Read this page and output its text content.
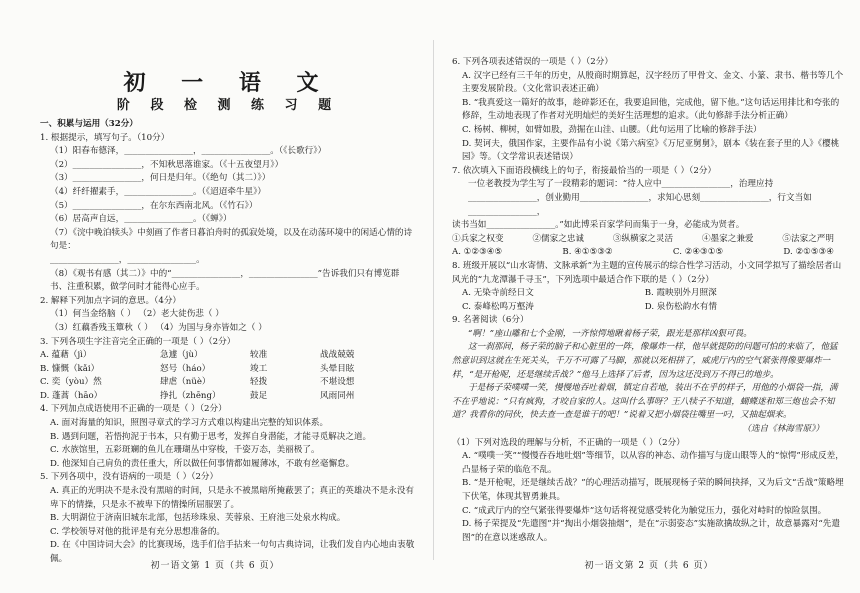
初 一 语 文
阶 段 检 测 练 习 题
一、积累与运用（32分）
1. 根据提示，填写句子。（10分）
（1）阳春布德泽，________________，________________。（《长歌行》）
（2）________________，不知秋思落谁家。（《十五夜望月》）
（3）________________，何日是归年。（《绝句（其二）》）
（4）纤纤擢素手，________________。（《迢迢牵牛星》）
（5）________________，在尔东西南北风。（《竹石》）
（6）居高声自远，________________。（《蝉》）
（7）《浣中晚泊犊头》中刻画了作者日暮泊舟时的孤寂处境，以及在动荡环境中的闲适心情的诗句是：
________________，________________。
（8）《观书有感（其二）》中的“________________，________________”告诉我们只有博览群书、注重积累，做学问时才能得心应手。
2. 解释下列加点字词的意思。（4分）
（1）何当金络脑（ ） （2）老大徒伤悲（ ）
（3）红藕香残玉簟秋（ ） （4）为国与身亦皆如之（ ）
3. 下列各项生字注音完全正确的一项是（ ）（2分）
A. 蕴藉（jì）	急遽（jù）	较准	战战兢兢
B. 慷慨（kǎi）	怒号（háo）	竣工	头晕目眩
C. 奕（yòu）然	肆虐（nüè）	轻拨	不堪设想
D. 蓬蒿（hāo）	挣扎（zhēng）	鼓足	风雨同州
4. 下列加点成语使用不正确的一项是（ ）（2分）
A. 面对海量的知识，照图寻章式的学习方式难以构建出完整的知识体系。
B. 遇到问题，若悟拘泥于书本，只有勤于思考，发挥自身潜能，才能寻觅解决之道。
C. 水族馆里，五彩斑斓的鱼儿在珊瑚丛中穿梭，千姿万态，美丽极了。
D. 他深知自己肩负的责任重大，所以做任何事情都如履薄冰，不敢有丝毫懈怠。
5. 下列各项中，没有语病的一项是（ ）（2分）
A. 真正的光明决不是永没有黑暗的时间，只是永不被黑暗所掩蔽罢了；真正的英雄决不是永没有卑下的情操，只是永不被卑下的情操所屈服罢了。
B. 大明湖位于济南旧城东北部，包括珍珠泉、芙蓉泉、王府池三处泉水构成。
C. 学校领导对他的批评是有充分思想准备的。
D. 在《中国诗词大会》的比赛现场，选手们信手拈来一句句古典诗词，让我们发自内心地由衷敬佩。
初一语文第 1 页（共 6 页）
6. 下列各项表述错误的一项是（ ）（2分）
A. 汉字已经有三千年的历史，从殷商时期算起，汉字经历了甲骨文、金文、小篆、隶书、楷书等几个主要发展阶段。（文化常识表述正确）
B. “我真爱这一篇好的故事，趁碎影还在，我要追回他，完成他，留下他。”这句话运用排比和夸张的修辞，生动地表现了作者对光明灿烂的美好生活理想的追求。（此句修辞手法分析正确）
C. 杨树、柳树，如臂如股，劲掘在山洼、山腰。（此句运用了比喻的修辞手法）
D. 契诃夫，俄国作家，主要作品有小说《第六病室》《万尼亚舅舅》，剧本《装在套子里的人》《樱桃园》等。（文学常识表述错误）
7. 依次填入下面语段横线上的句子，衔接最恰当的一项是（ ）（2分）
一位老教授为学生写了一段精彩的题词：“待人应中________________，治理应持________________，创业勤用________________，求知心思刻________________，行文当如________________，
读书当如________________。”如此博采百家学问而集于一身，必能成为贤者。
①兵家之权变	②儒家之忠诚	③纵横家之灵活	④墨家之兼爱	⑤法家之严明
A. ①②③④⑤	B. ④①⑤③②	C. ②④③①⑤	D. ②①⑤③④
8. 班级开展以“山水寄情、文脉承新”为主题的宣传展示的综合性学习活动，小文同学拟写了描绘居者山风光的“九龙潭瀑千寻玉”，下列选项中最适合作下联的是（ ）（2分）
A. 无染寺前经日文	B. 霞映别外月照深
C. 泰峰松鸣万壑涛	D. 泉伤松韵水有情
9. 名著阅读（6分）
“啊！”座山雕和七个金刚，一齐惊愕地瞅着杨子荣，跟光是那样凶狠可畏。
这一刹那间，杨子荣的脑子和心脏里的一阵，像爆炸一样，他早就提防的问题可怕的来临了，他猛然意识到这就在生死关头，千万不可露了马脚，那就以死相拼了，威虎厅内的空气紧张得像要爆炸一样，“是开枪呢，还是继续舌战？”他马上选择了后者，因为这还没到万不得已的地步。
于是杨子荣噗噗一笑，慢慢地吞吐着烟，镇定自若地，装出不在乎的样子，用他的小烟袋一指，满不在乎地说：“只有疯狗，才咬自家的人。这叫什么事呀？王八犊子不知道，蝴蝶迷和郑三炮也会不知道？我看你的同伙，快去查一查是谁干的吧！”说着又把小烟袋往嘴里一叼，又抽起烟来。
（选自《林海雪原》）
（1）下列对选段的理解与分析，不正确的一项是（ ）（2分）
A. “噗噗一笑”“慢慢吞吞地吐烟”等细节，以从容的神态、动作描写与庞山眼等人的“惊愕”形成反差，凸显杨子荣的临危不乱。
B. “是开枪呢，还是继续舌战？”的心理活动描写，既展现杨子荣的瞬间抉择，又为后文“舌战”策略埋下伏笔，体现其智勇兼具。
C. “成武厅内的空气紧张得要爆炸”这句话将视觉感受转化为触觉压力，强化对峙时的惊险氛围。
D. 杨子荣提及“先遣图”并“掏出小烟袋抽烟”，是在“示弱姿态”实施欲擒故纵之计，故意暴露对“先遣图”的在意以迷惑敌人。
初一语文第 2 页（共 6 页）
